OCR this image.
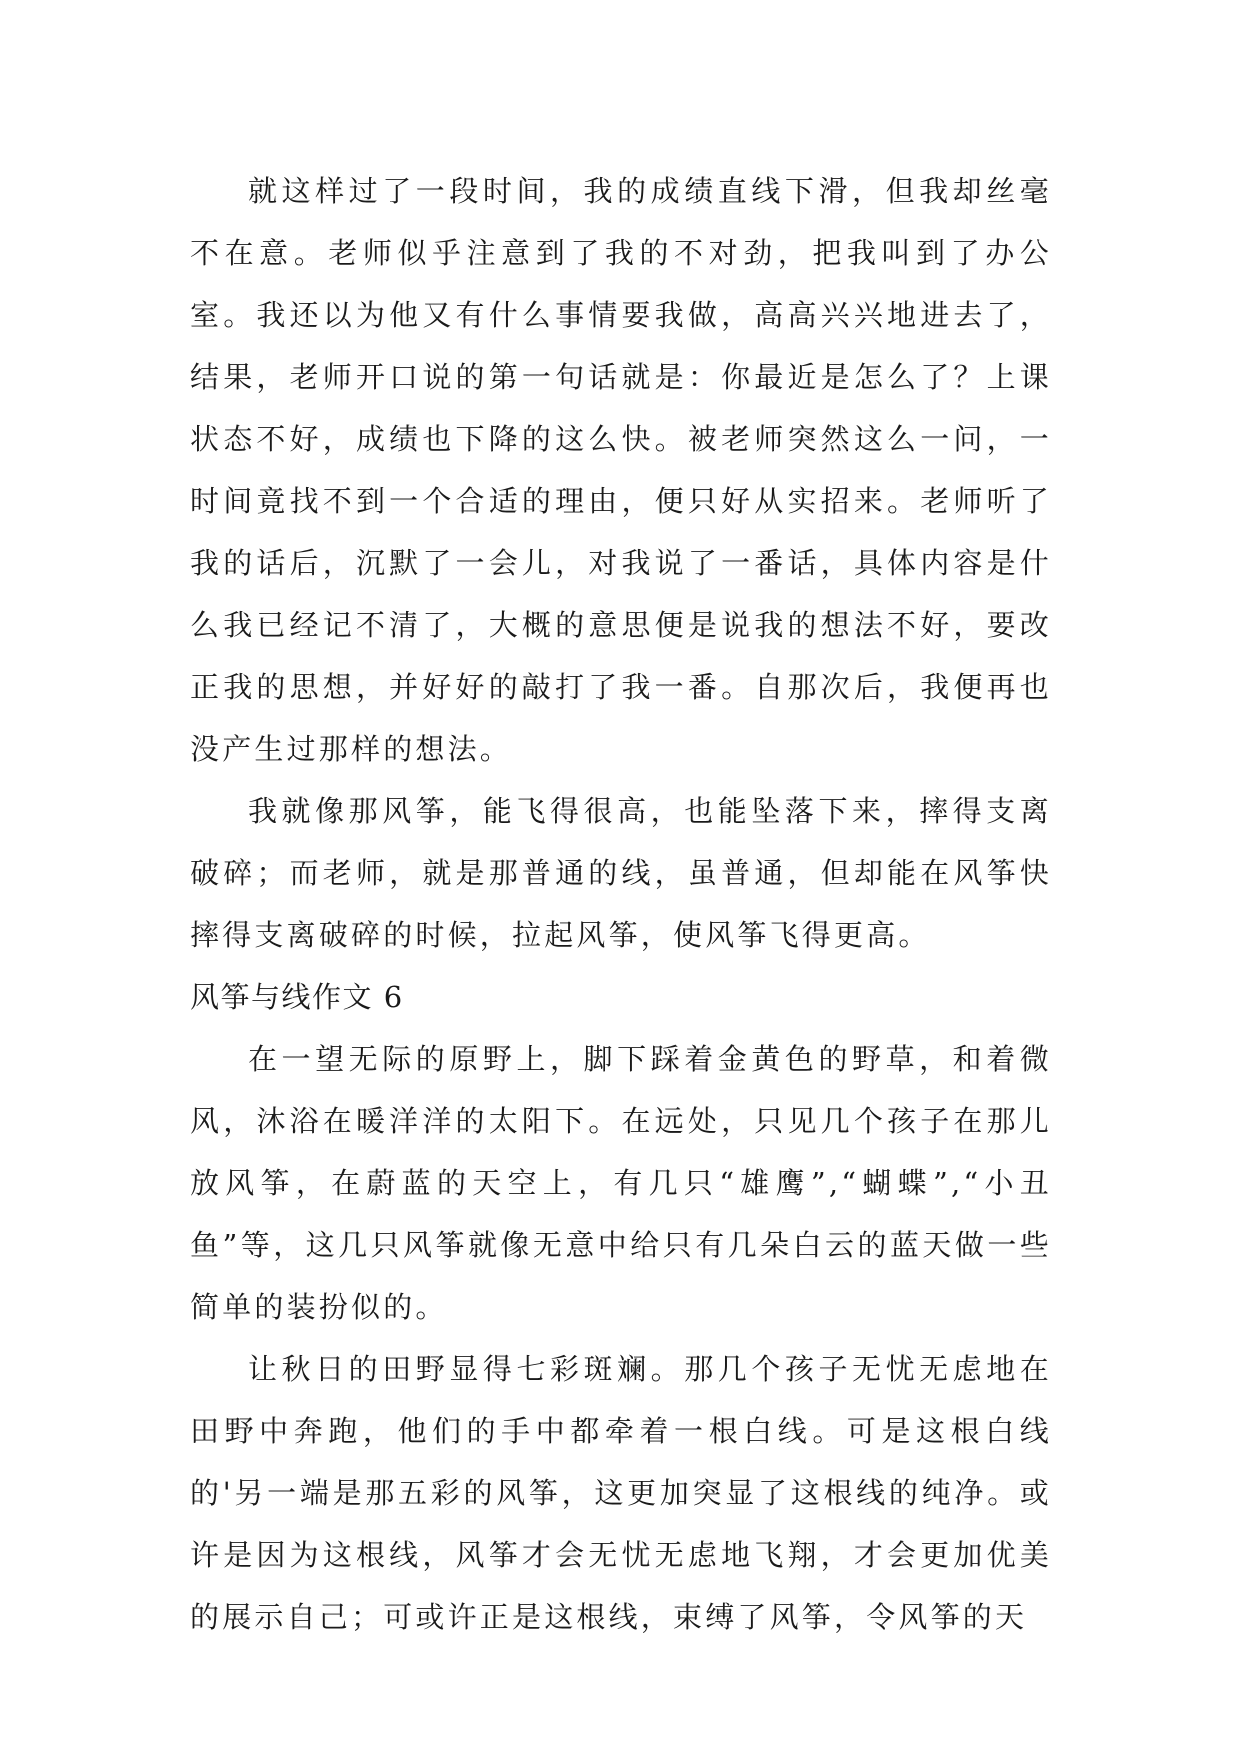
就这样过了一段时间，我的成绩直线下滑，但我却丝毫不在意。老师似乎注意到了我的不对劲，把我叫到了办公室。我还以为他又有什么事情要我做，高高兴兴地进去了，结果，老师开口说的第一句话就是：你最近是怎么了？上课状态不好，成绩也下降的这么快。被老师突然这么一问，一时间竟找不到一个合适的理由，便只好从实招来。老师听了我的话后，沉默了一会儿，对我说了一番话，具体内容是什么我已经记不清了，大概的意思便是说我的想法不好，要改正我的思想，并好好的敲打了我一番。自那次后，我便再也没产生过那样的想法。

我就像那风筝，能飞得很高，也能坠落下来，摔得支离破碎；而老师，就是那普通的线，虽普通，但却能在风筝快摔得支离破碎的时候，拉起风筝，使风筝飞得更高。

风筝与线作文 6

在一望无际的原野上，脚下踩着金黄色的野草，和着微风，沐浴在暖洋洋的太阳下。在远处，只见几个孩子在那儿放风筝，在蔚蓝的天空上，有几只“雄鹰”,“蝴蝶”,“小丑鱼”等，这几只风筝就像无意中给只有几朵白云的蓝天做一些简单的装扮似的。

让秋日的田野显得七彩斑斓。那几个孩子无忧无虑地在田野中奔跑，他们的手中都牵着一根白线。可是这根白线的'另一端是那五彩的风筝，这更加突显了这根线的纯净。或许是因为这根线，风筝才会无忧无虑地飞翔，才会更加优美的展示自己；可或许正是这根线，束缚了风筝，令风筝的天
